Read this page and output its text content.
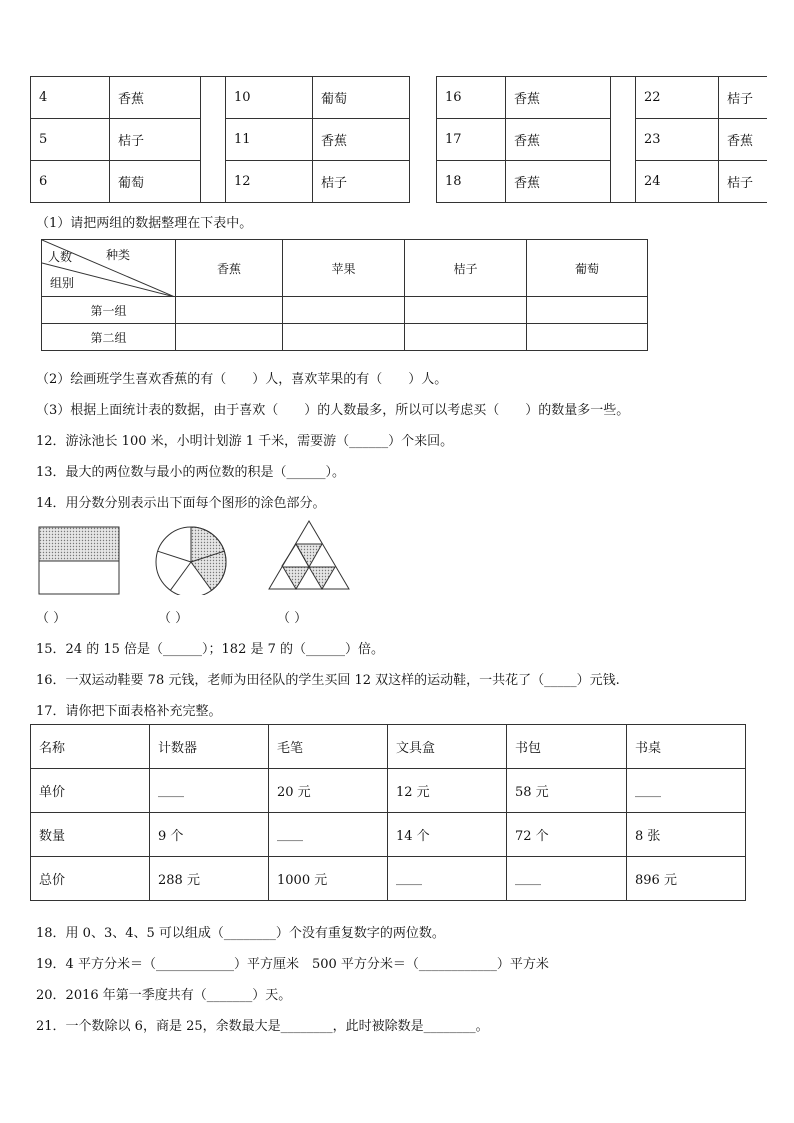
4	香蕉		10	葡萄		16	香蕉		22	桔子
5	桔子		11	香蕉		17	香蕉		23	香蕉
6	葡萄		12	桔子		18	香蕉		24	桔子
（1）请把两组的数据整理在下表中。
种类
人数
组别	香蕉	苹果	桔子	葡萄
第一组				
第二组				
（2）绘画班学生喜欢香蕉的有（　　）人，喜欢苹果的有（　　）人。
（3）根据上面统计表的数据，由于喜欢（　　）的人数最多，所以可以考虑买（　　）的数量多一些。
12．游泳池长 100 米，小明计划游 1 千米，需要游（______）个来回。
13．最大的两位数与最小的两位数的积是（______）。
14．用分数分别表示出下面每个图形的涂色部分。
（ ）	（ ）	（ ）
15．24 的 15 倍是（______）；182 是 7 的（______）倍。
16．一双运动鞋要 78 元钱，老师为田径队的学生买回 12 双这样的运动鞋，一共花了（_____）元钱.
17．请你把下面表格补充完整。
名称	计数器	毛笔	文具盒	书包	书桌
单价	____	20 元	12 元	58 元	____
数量	9 个	____	14 个	72 个	8 张
总价	288 元	1000 元	____	____	896 元
18．用 0、3、4、5 可以组成（________）个没有重复数字的两位数。
19．4 平方分米＝（____________）平方厘米　500 平方分米＝（____________）平方米
20．2016 年第一季度共有（_______）天。
21．一个数除以 6，商是 25，余数最大是________，此时被除数是________。
